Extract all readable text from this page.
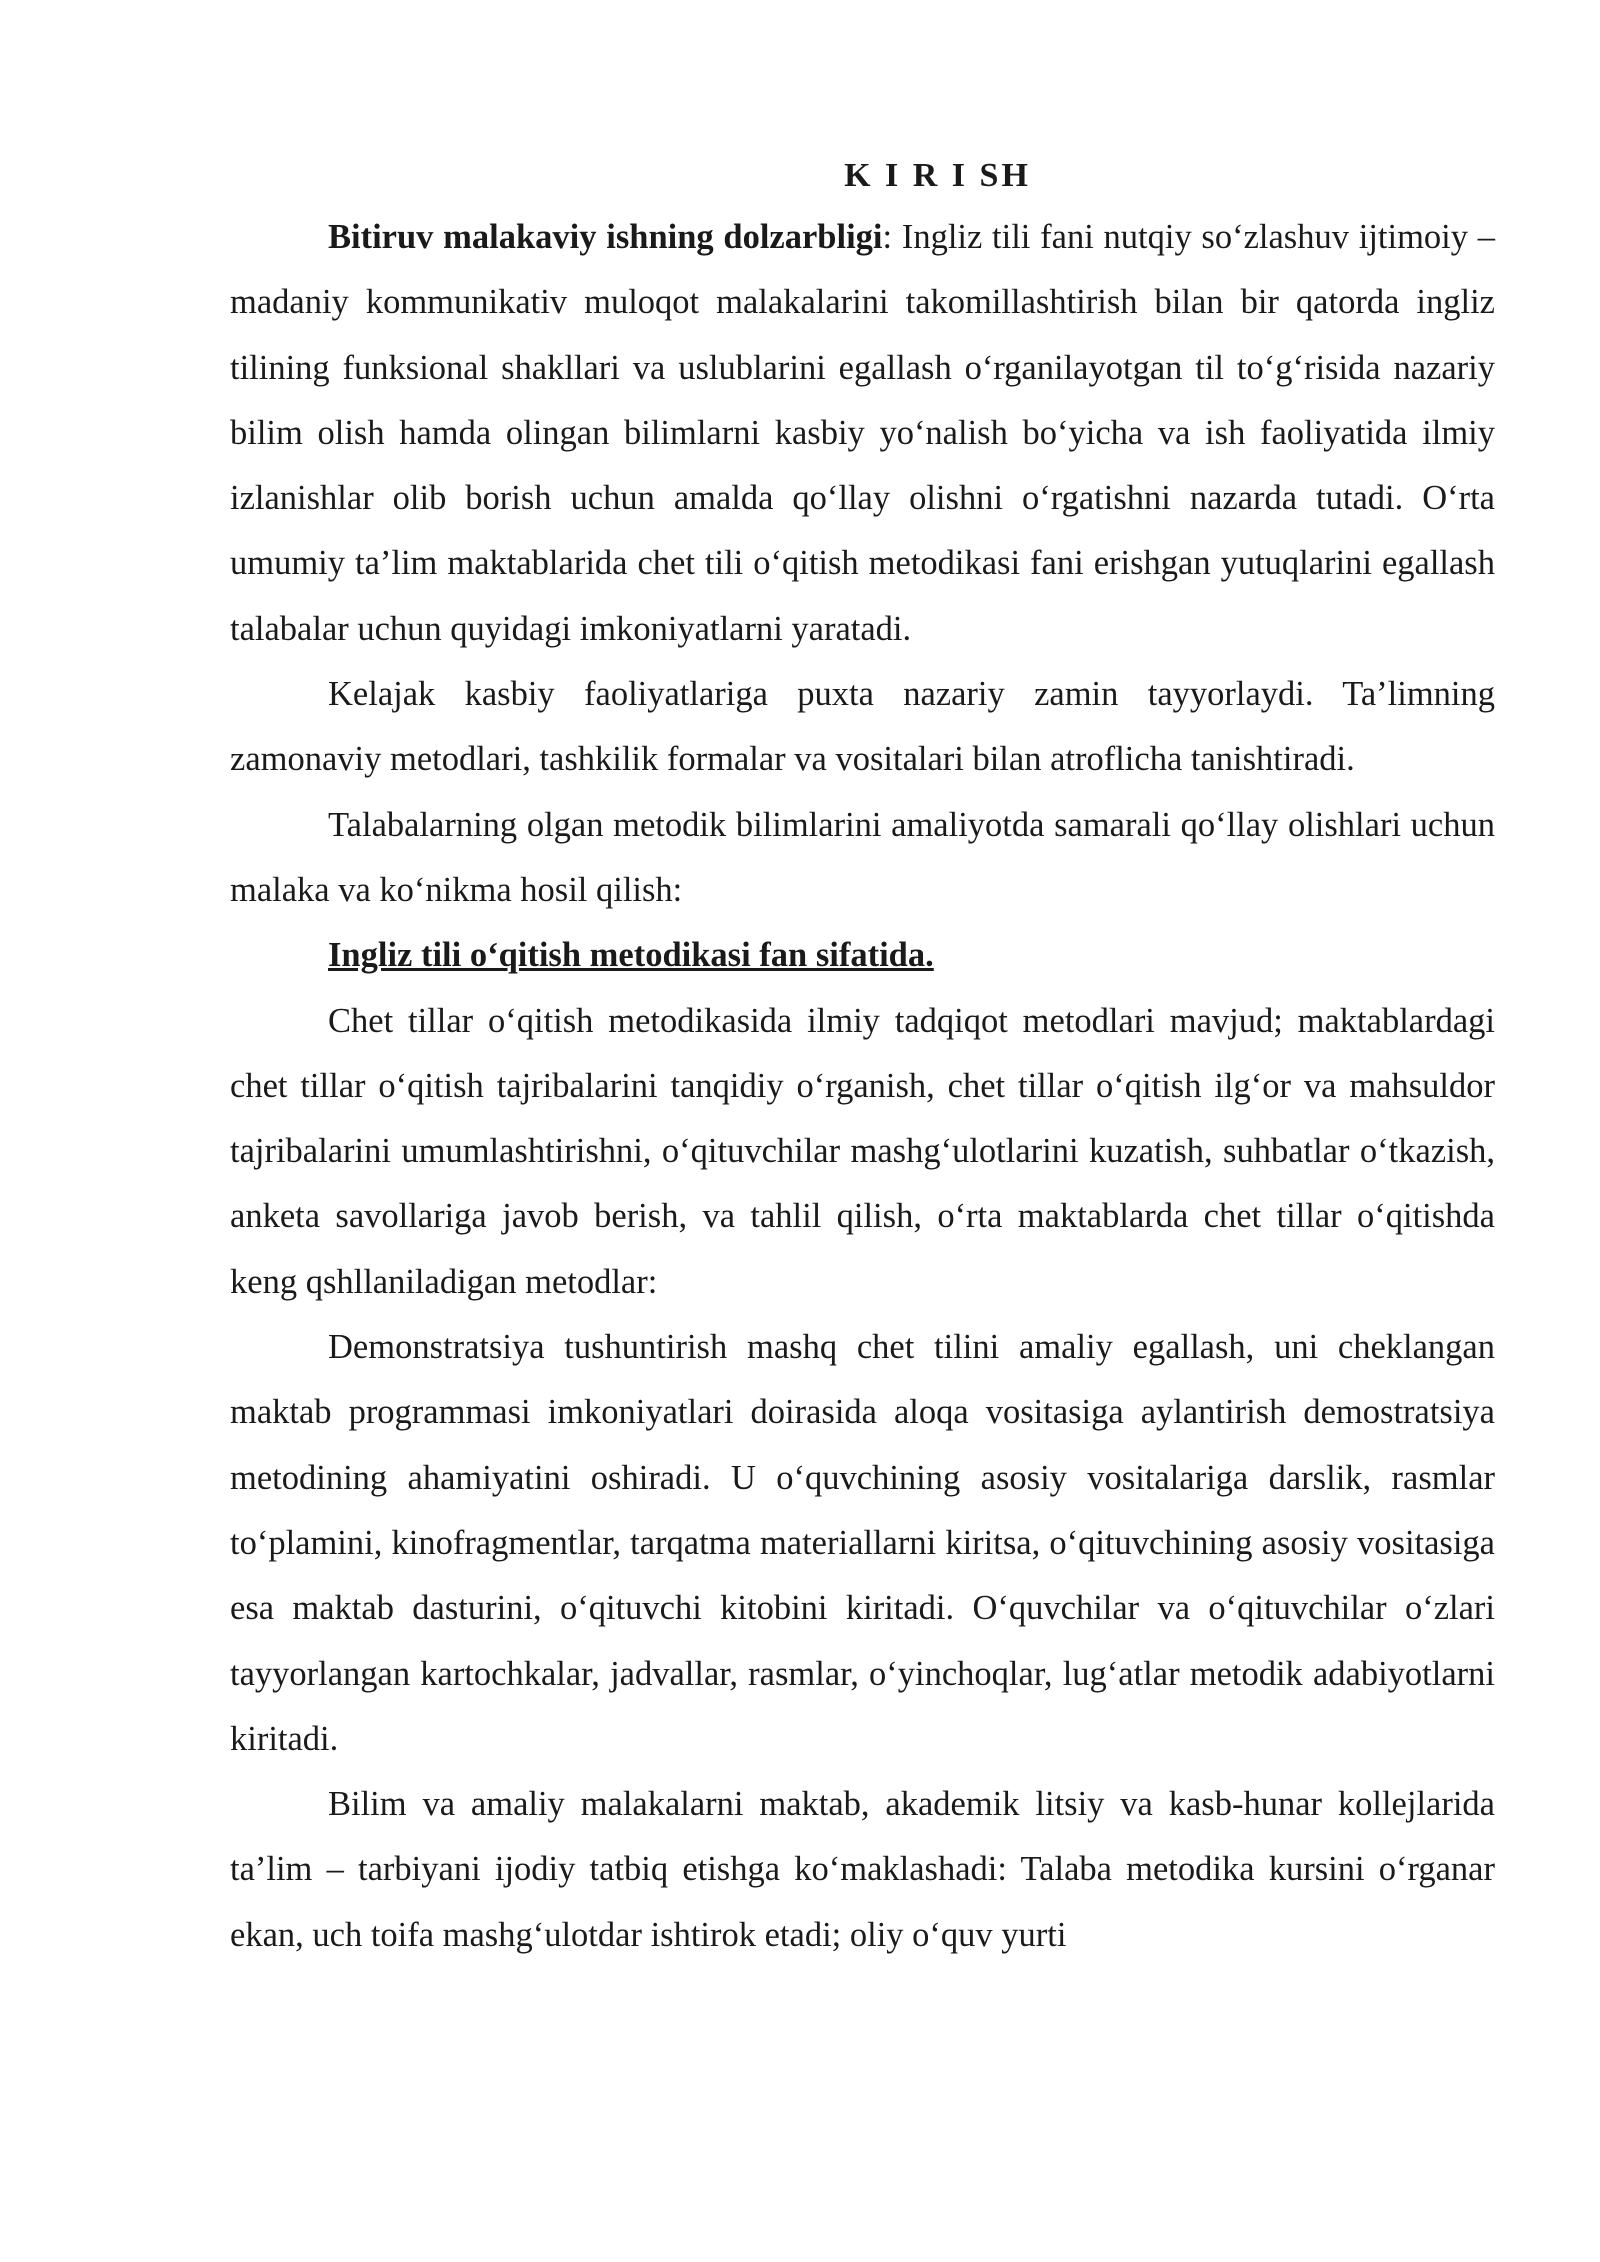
K I R I SH

Bitiruv malakaviy ishning dolzarbligi: Ingliz tili fani nutqiy so‘zlashuv ijtimoiy – madaniy kommunikativ muloqot malakalarini takomillashtirish bilan bir qatorda ingliz tilining funksional shakllari va uslublarini egallash o‘rganilayotgan til to‘g‘risida nazariy bilim olish hamda olingan bilimlarni kasbiy yo‘nalish bo‘yicha va ish faoliyatida ilmiy izlanishlar olib borish uchun amalda qo‘llay olishni o‘rgatishni nazarda tutadi. O‘rta umumiy ta’lim maktablarida chet tili o‘qitish metodikasi fani erishgan yutuqlarini egallash talabalar uchun quyidagi imkoniyatlarni yaratadi.

Kelajak kasbiy faoliyatlariga puxta nazariy zamin tayyorlaydi. Ta’limning zamonaviy metodlari, tashkilik formalar va vositalari bilan atroflicha tanishtiradi.

Talabalarning olgan metodik bilimlarini amaliyotda samarali qo‘llay olishlari uchun malaka va ko‘nikma hosil qilish:

Ingliz tili o‘qitish metodikasi fan sifatida.

Chet tillar o‘qitish metodikasida ilmiy tadqiqot metodlari mavjud; maktablardagi chet tillar o‘qitish tajribalarini tanqidiy o‘rganish, chet tillar o‘qitish ilg‘or va mahsuldor tajribalarini umumlashtirishni, o‘qituvchilar mashg‘ulotlarini kuzatish, suhbatlar o‘tkazish, anketa savollariga javob berish, va tahlil qilish, o‘rta maktablarda chet tillar o‘qitishda keng qshllaniladigan metodlar:

Demonstratsiya tushuntirish mashq chet tilini amaliy egallash, uni cheklangan maktab programmasi imkoniyatlari doirasida aloqa vositasiga aylantirish demostratsiya metodining ahamiyatini oshiradi. U o‘quvchining asosiy vositalariga darslik, rasmlar to‘plamini, kinofragmentlar, tarqatma materiallarni kiritsa, o‘qituvchining asosiy vositasiga esa maktab dasturini, o‘qituvchi kitobini kiritadi. O‘quvchilar va o‘qituvchilar o‘zlari tayyorlangan kartochkalar, jadvallar, rasmlar, o‘yinchoqlar, lug‘atlar metodik adabiyotlarni kiritadi.

Bilim va amaliy malakalarni maktab, akademik litsiy va kasb-hunar kollejlarida ta’lim – tarbiyani ijodiy tatbiq etishga ko‘maklashadi: Talaba metodika kursini o‘rganar ekan, uch toifa mashg‘ulotdar ishtirok etadi; oliy o‘quv yurti
